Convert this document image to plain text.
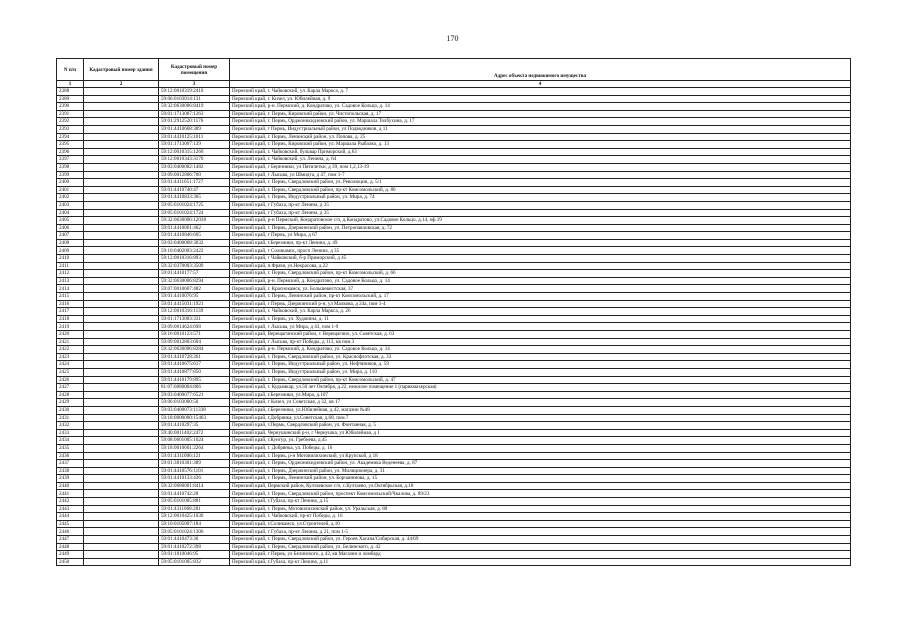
170
N п/п	Кадастровый номер здания	Кадастровый номер помещения	Адрес объекта недвижимого имущества
1	2	3	4
2388		59:12:0010319:2410	Пермский край, г. Чайковский, ул. Карла Маркса, д. 7
2389		59:06:0103014:131	Пермский край, г. Кизел, ул. Юбилейная, д. 9
2390		59:32:0630006:8419	Пермский край, р-н. Пермский, д. Кондратово, ул. Садовое Кольцо, д. 14
2391		59:01:1713087:1263	Пермский край, г. Пермь, Кировский район, ул. Чистопольская, д. 17
2392		59:01:2912520:1176	Пермский край, г. Пермь, Орджоникидзевский район, ул. Маршала Толбухина, д. 17
2393		59:01:4410668:389	Пермский край, г Пермь, Индустриальный район, ул Подводников, д 11
2394		59:01:4410125:1011	Пермский край, г. Пермь, Ленинский район, ул. Попова, д. 25
2395		59:01:1713007:139	Пермский край, г. Пермь, Кировский район, ул. Маршала Рыбалко, д. 13
2396		59:12:0010315:1260	Пермский край, г. Чайковский, бульвар Приморский, д.63
2397		59:12:0010343:3170	Пермский край, г. Чайковский, ул. Ленина, д. 64
2398		59:03:0400082:1482	Пермский край, г Березники, ул Пятилетки, д 39, пом 1,2,13-19
2399		59:09:0012806:700	Пермский край, г Лысьва, ул Шмидта, д 47, пом 1-7
2400		59:01:4411051:1727	Пермский край, г. Пермь, Свердловский район, ул. Революции, д. 5/1
2401		59:01:4410740:47	Пермский край, г. Пермь, Свердловский район, пр-кт Комсомольский, д. 80
2402		59:01:4410833:365	Пермский край, г. Пермь, Индустриальный район, ул. Мира, д. 74
2403		59:05:0101024:1725	Пермский край, г Губаха, пр-кт Ленина, д 35
2404		59:05:0101024:1724	Пермский край, г Губаха, пр-кт Ленина, д 35
2405		59:32:0630006:12038	Пермский край, р-н Пермский, Кондратовское с/п, д.Кондратово, ул.Садовое Кольцо, д.14, оф.19
2406		59:01:4410061:462	Пермский край, г. Пермь, Дзержинский район, ул. Петропавловская, д. 72
2407		59:01:4410846:605	Пермский край, г Пермь, ул Мира, д 67
2408		59:03:0400068:3032	Пермский край, г.Березники, пр-кт Ленина, д. 49
2409		59:10:0402003:2422	Пермский край, г Соликамск, просп Ленина, д 35
2410		59:12:0010316:893	Пермский край, г Чайковский, б-р Приморский, д 45
2411		59:32:0370003:3509	Пермский край, п.Фрязя, ул.Некрасова, д.22
2412		59:01:4410177:57	Пермский край, г. Пермь, Свердловский район, пр-кт Комсомольский, д. 66
2413		59:32:0630006:8294	Пермский край, р-н. Пермский, д. Кондратово, ул. Садовое Кольцо, д. 14
2414		59:07:0010607:482	Пермский край, г. Краснокамск, ул. Большевистская, 37
2415		59:01:4410076:95	Пермский край, г. Пермь, Ленинский район, пр-кт Комсомольский, д. 17
2416		59:01:4415031:1921	Пермский край, г Пермь, Дзержинский р-н, ул Малкова, д 24а, пом 1-4
2417		59:12:0010316:1139	Пермский край, г. Чайковский, ул. Карла Маркса, д. 26
2418		59:01:1713003:331	Пермский край, г. Пермь, ул. Худанина, д. 11
2419		59:09:0014624:698	Пермский край, г Лысьва, ул Мира, д 43, пом 1-9
2420		59:16:0010123:571	Пермский край, Верещагинский район, г. Верещагино, ул. Советская, д. 63
2421		59:09:0012803:604	Пермский край, г Лысьва, пр-кт Победы, д 113, кв пом 3
2422		59:32:0630006:8284	Пермский край, р-н. Пермский, д. Кондратово, ул. Садовое Кольцо, д. 14
2423		59:01:4410728:261	Пермский край, г. Пермь, Свердловский район, ул. Краснофлотская, д. 33
2424		59:01:4410675:617	Пермский край, г. Пермь, Индустриальный район, ул. Нефтяников, д. 59
2425		59:01:4410877:850	Пермский край, г. Пермь, Индустриальный район, ул. Мира, д. 110
2426		59:01:4410179:895	Пермский край, г. Пермь, Свердловский район, пр-кт Комсомольский, д. 47
2427		81:07:0080004:806	Пермский край, г. Кудымкар, ул.50 лет Октября, д.22, нежилое помещение 1 (парикмахерская)
2428		59:03:0400077:6521	Пермский край, г.Березники, ул.Мира, д.107
2429		59:06:0103060:50	Пермский край, г Кизел, ул Советская, д 32, кв 17
2430		59:03:0400073:11338	Пермский край, г.Березники, ул.Юбилейная, д.42, магазин №48
2431		59:18:0000000:15463	Пермский край, г.Добрянка, ул.Советская, д.68, пом.7
2432		59:01:4410297:35	Пермский край, г.Пермь, Свердловский район, ул. Фонтанная, д. 5
2433		59:40:0011402:2472	Пермский край, Чернушинский р-н, г Чернушка, ул Юбилейная, д 1
2434		59:08:0601005:1024	Пермский край, г.Кунгур, ул. Гребнева, д.45
2435		59:18:0010601:2264	Пермский край, г. Добрянка, ул. Победы, д. 16
2436		59:01:4311006:121	Пермский край, г. Пермь, р-н Мотовилихинский, ул Крупской, д 18
2437		59:01:3810301:389	Пермский край, г. Пермь, Орджоникидзевский район, ул. Академика Веденеева, д. 87
2438		59:01:4410576:1101	Пермский край, г. Пермь, Дзержинский район, ул. Милиционера, д. 31
2439		59:01:4410133:436	Пермский край, г. Пермь, Ленинский район, ул. Борчанинова, д. 15
2440		59:32:0680001:8414	Пермский край, Пермский район, Култаевское с/п, с.Култаево, ул.Октябрьская, д.18
2441		59:01:4410742:28	Пермский край, г. Пермь, Свердловский район, проспект Комсомольский/Чкалова, д. 89/23
2442		59:05:0101005:881	Пермский край, г.Губаха, пр-кт Ленина, д.15
2443		59:01:4311068:281	Пермский край, г. Пермь, Мотовилихинский район, ул. Уральская, д. 80
2444		59:12:0010425:1030	Пермский край, г. Чайковский, пр-кт Победы, д. 16
2445		59:10:0105007:184	Пермский край, г.Соликамск, ул.Строителей, д.10
2446		59:05:0101024:1306	Пермский край, г Губаха, пр-кт Ленина, д 21, пом 1-5
2447		59:01:4410473:30	Пермский край, г. Пермь, Свердловский район, ул. Героев Хасана/Сибирская, д. 44/69
2448		59:01:4410272:398	Пермский край, г. Пермь, Свердловский район, ул. Белинского, д. 42
2449		59:01:1810046:95	Пермский край, г Пермь, ул Белинского, д 42, кв Магазин и ломбард
2450		59:05:0101005:832	Пермский край, г.Губаха, пр-кт Ленина, д.11
